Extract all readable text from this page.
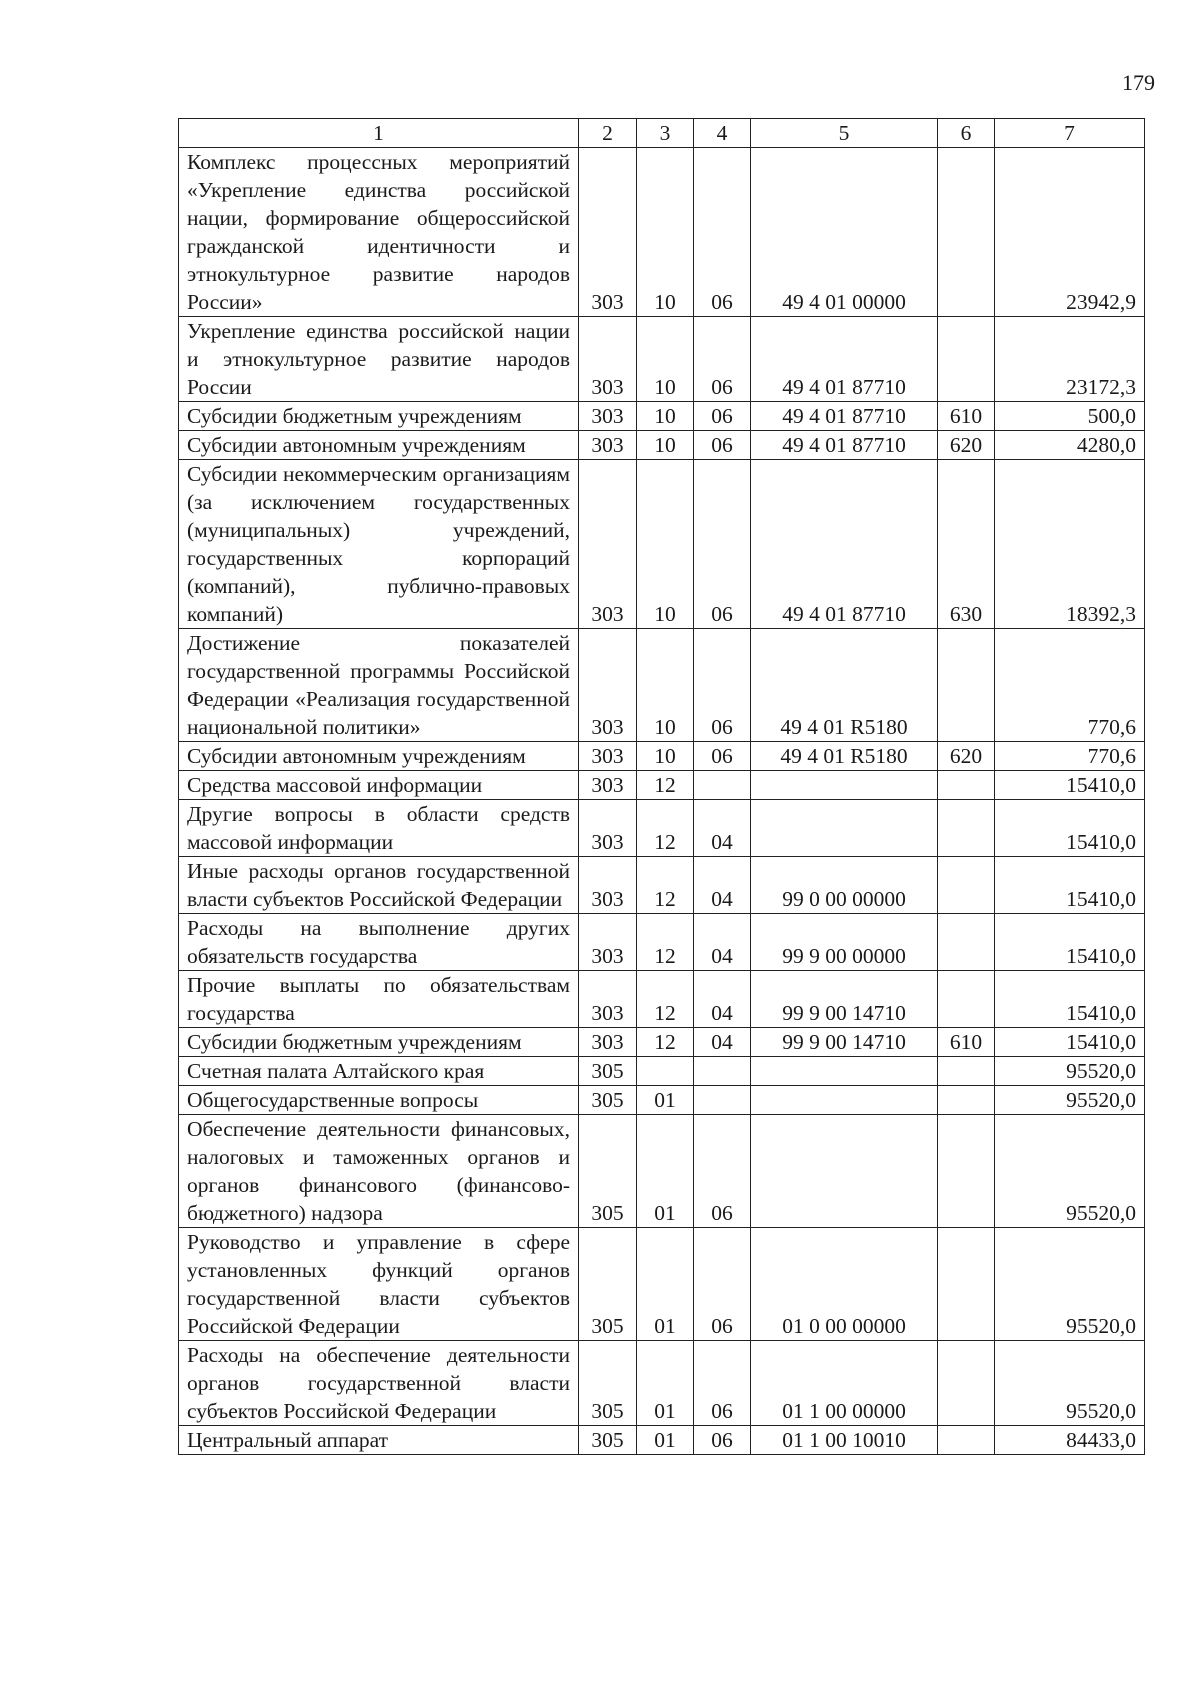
179
1	2	3	4	5	6	7
Комплекс процессных мероприятий «Укрепление единства российской нации, формирование общероссийской гражданской идентичности и этнокультурное развитие народов России»	303	10	06	49 4 01 00000		23942,9
Укрепление единства российской нации и этнокультурное развитие народов России	303	10	06	49 4 01 87710		23172,3
Субсидии бюджетным учреждениям	303	10	06	49 4 01 87710	610	500,0
Субсидии автономным учреждениям	303	10	06	49 4 01 87710	620	4280,0
Субсидии некоммерческим организациям (за исключением государственных (муниципальных) учреждений, государственных корпораций (компаний), публично-правовых компаний)	303	10	06	49 4 01 87710	630	18392,3
Достижение показателей государственной программы Российской Федерации «Реализация государственной национальной политики»	303	10	06	49 4 01 R5180		770,6
Субсидии автономным учреждениям	303	10	06	49 4 01 R5180	620	770,6
Средства массовой информации	303	12				15410,0
Другие вопросы в области средств массовой информации	303	12	04			15410,0
Иные расходы органов государственной власти субъектов Российской Федерации	303	12	04	99 0 00 00000		15410,0
Расходы на выполнение других обязательств государства	303	12	04	99 9 00 00000		15410,0
Прочие выплаты по обязательствам государства	303	12	04	99 9 00 14710		15410,0
Субсидии бюджетным учреждениям	303	12	04	99 9 00 14710	610	15410,0
Счетная палата Алтайского края	305					95520,0
Общегосударственные вопросы	305	01				95520,0
Обеспечение деятельности финансовых, налоговых и таможенных органов и органов финансового (финансово-бюджетного) надзора	305	01	06			95520,0
Руководство и управление в сфере установленных функций органов государственной власти субъектов Российской Федерации	305	01	06	01 0 00 00000		95520,0
Расходы на обеспечение деятельности органов государственной власти субъектов Российской Федерации	305	01	06	01 1 00 00000		95520,0
Центральный аппарат	305	01	06	01 1 00 10010		84433,0
